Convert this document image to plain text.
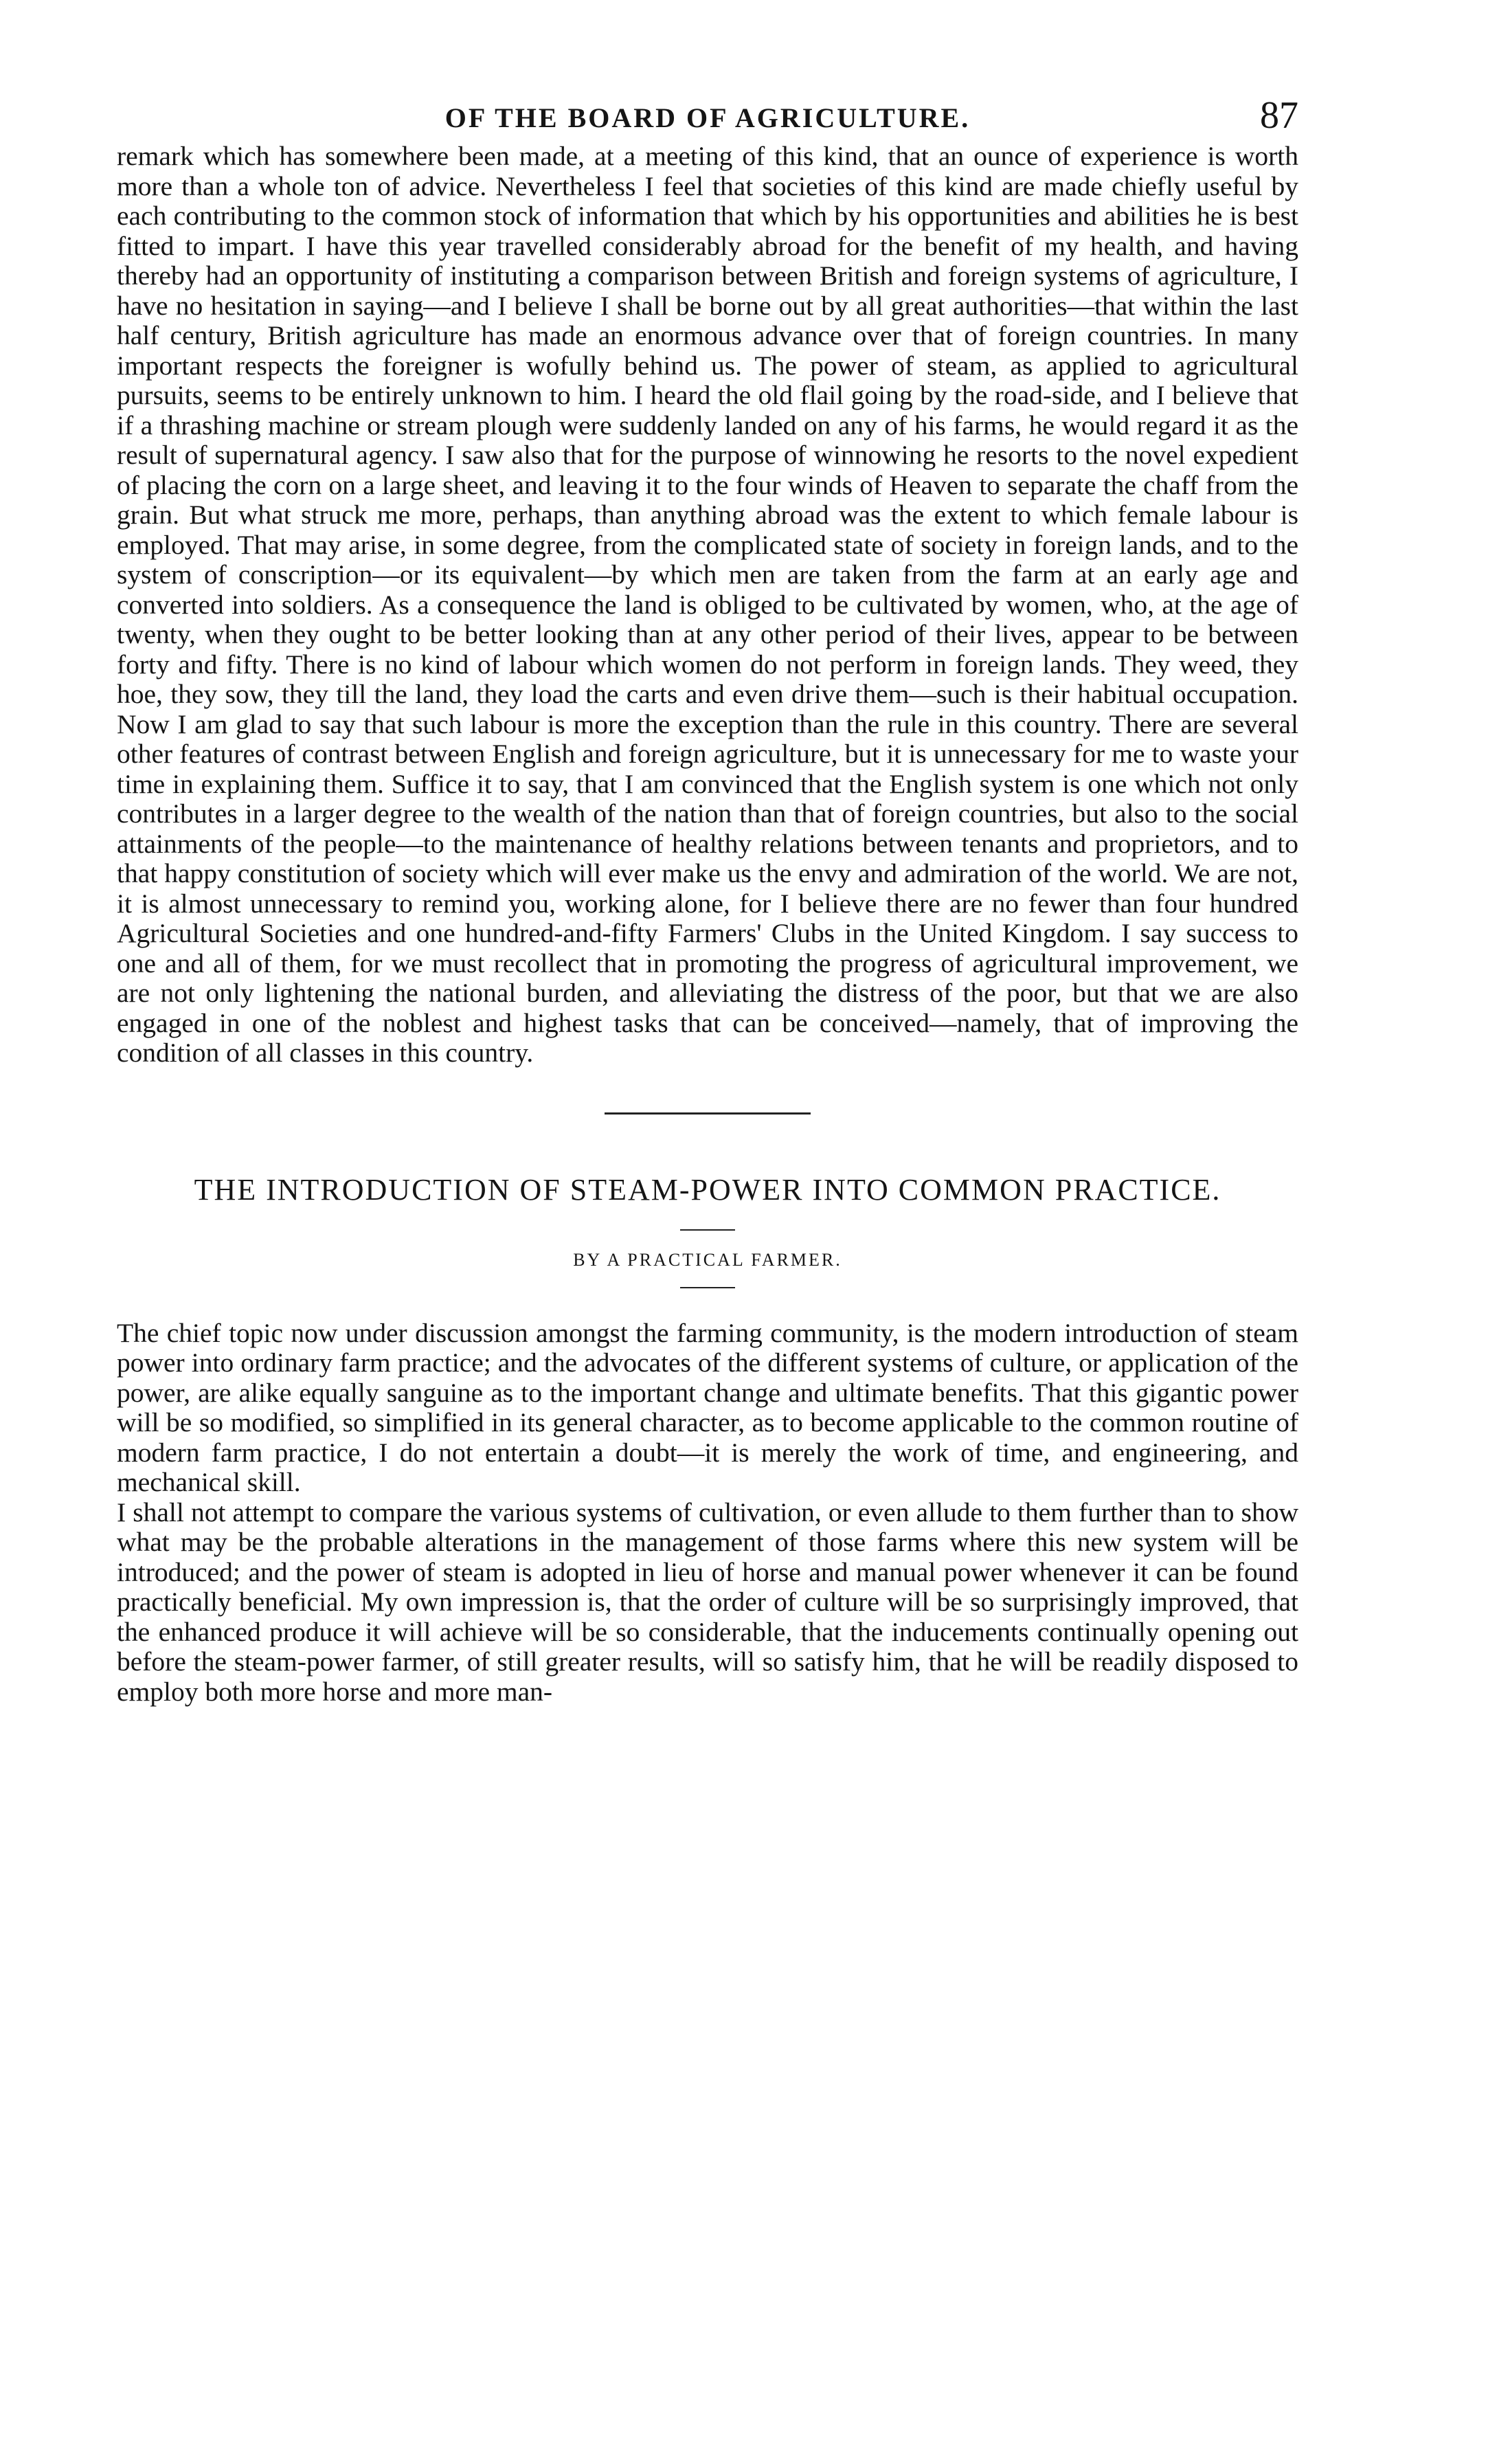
OF THE BOARD OF AGRICULTURE.	87

remark which has somewhere been made, at a meeting of this kind, that an ounce of experience is worth more than a whole ton of advice. Nevertheless I feel that societies of this kind are made chiefly useful by each contributing to the common stock of information that which by his opportunities and abilities he is best fitted to impart. I have this year travelled considerably abroad for the benefit of my health, and having thereby had an opportunity of instituting a comparison between British and foreign systems of agriculture, I have no hesitation in saying—and I believe I shall be borne out by all great authorities—that within the last half century, British agriculture has made an enormous advance over that of foreign countries. In many important respects the foreigner is wofully behind us. The power of steam, as applied to agricultural pursuits, seems to be entirely unknown to him. I heard the old flail going by the road-side, and I believe that if a thrashing machine or stream plough were suddenly landed on any of his farms, he would regard it as the result of supernatural agency. I saw also that for the purpose of winnowing he resorts to the novel expedient of placing the corn on a large sheet, and leaving it to the four winds of Heaven to separate the chaff from the grain. But what struck me more, perhaps, than anything abroad was the extent to which female labour is employed. That may arise, in some degree, from the complicated state of society in foreign lands, and to the system of conscription—or its equivalent—by which men are taken from the farm at an early age and converted into soldiers. As a consequence the land is obliged to be cultivated by women, who, at the age of twenty, when they ought to be better looking than at any other period of their lives, appear to be between forty and fifty. There is no kind of labour which women do not perform in foreign lands. They weed, they hoe, they sow, they till the land, they load the carts and even drive them—such is their habitual occupation. Now I am glad to say that such labour is more the exception than the rule in this country. There are several other features of contrast between English and foreign agriculture, but it is unnecessary for me to waste your time in explaining them. Suffice it to say, that I am convinced that the English system is one which not only contributes in a larger degree to the wealth of the nation than that of foreign countries, but also to the social attainments of the people—to the maintenance of healthy relations between tenants and proprietors, and to that happy constitution of society which will ever make us the envy and admiration of the world. We are not, it is almost unnecessary to remind you, working alone, for I believe there are no fewer than four hundred Agricultural Societies and one hundred-and-fifty Farmers' Clubs in the United Kingdom. I say success to one and all of them, for we must recollect that in promoting the progress of agricultural improvement, we are not only lightening the national burden, and alleviating the distress of the poor, but that we are also engaged in one of the noblest and highest tasks that can be conceived—namely, that of improving the condition of all classes in this country.

THE INTRODUCTION OF STEAM-POWER INTO COMMON PRACTICE.
BY A PRACTICAL FARMER.

The chief topic now under discussion amongst the farming community, is the modern introduction of steam power into ordinary farm practice; and the advocates of the different systems of culture, or application of the power, are alike equally sanguine as to the important change and ultimate benefits. That this gigantic power will be so modified, so simplified in its general character, as to become applicable to the common routine of modern farm practice, I do not entertain a doubt—it is merely the work of time, and engineering, and mechanical skill.

I shall not attempt to compare the various systems of cultivation, or even allude to them further than to show what may be the probable alterations in the management of those farms where this new system will be introduced; and the power of steam is adopted in lieu of horse and manual power whenever it can be found practically beneficial. My own impression is, that the order of culture will be so surprisingly improved, that the enhanced produce it will achieve will be so considerable, that the inducements continually opening out before the steam-power farmer, of still greater results, will so satisfy him, that he will be readily disposed to employ both more horse and more man-
